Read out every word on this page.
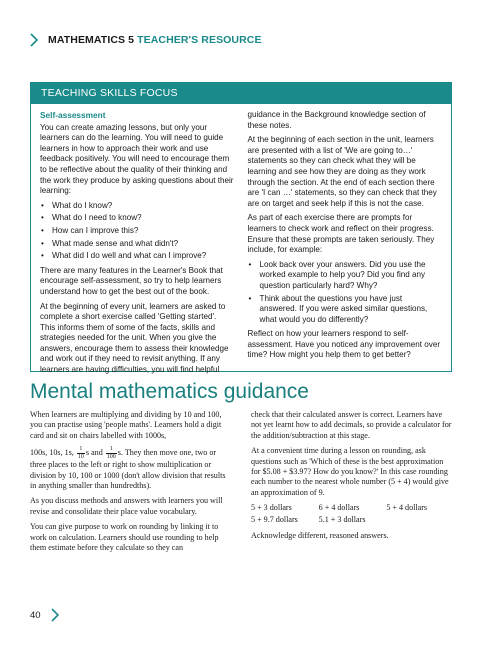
MATHEMATICS 5 TEACHER'S RESOURCE
TEACHING SKILLS FOCUS
Self-assessment

You can create amazing lessons, but only your learners can do the learning. You will need to guide learners in how to approach their work and use feedback positively. You will need to encourage them to be reflective about the quality of their thinking and the work they produce by asking questions about their learning:

• What do I know?
• What do I need to know?
• How can I improve this?
• What made sense and what didn't?
• What did I do well and what can I improve?

There are many features in the Learner's Book that encourage self-assessment, so try to help learners understand how to get the best out of the book.

At the beginning of every unit, learners are asked to complete a short exercise called 'Getting started'. This informs them of some of the facts, skills and strategies needed for the unit. When you give the answers, encourage them to assess their knowledge and work out if they need to revisit anything. If any learners are having difficulties, you will find helpful

guidance in the Background knowledge section of these notes.

At the beginning of each section in the unit, learners are presented with a list of 'We are going to…' statements so they can check what they will be learning and see how they are doing as they work through the section. At the end of each section there are 'I can …' statements, so they can check that they are on target and seek help if this is not the case.

As part of each exercise there are prompts for learners to check work and reflect on their progress. Ensure that these prompts are taken seriously. They include, for example:

• Look back over your answers. Did you use the worked example to help you? Did you find any question particularly hard? Why?
• Think about the questions you have just answered. If you were asked similar questions, what would you do differently?

Reflect on how your learners respond to self-assessment. Have you noticed any improvement over time? How might you help them to get better?

Mental mathematics guidance

When learners are multiplying and dividing by 10 and 100, you can practise using 'people maths'. Learners hold a digit card and sit on chairs labelled with 1000s,

100s, 10s, 1s, $\frac{1}{10}$ s and $\frac{1}{100} s$. They then move one, two or three places to the left or right to show multiplication or division by 10, 100 or 1000 (don't allow division that results in anything smaller than hundredths).

As you discuss methods and answers with learners you will revise and consolidate their place value vocabulary.

You can give purpose to work on rounding by linking it to work on calculation. Learners should use rounding to help them estimate before they calculate so they can

check that their calculated answer is correct. Learners have not yet learnt how to add decimals, so provide a calculator for the addition/subtraction at this stage.

At a convenient time during a lesson on rounding, ask questions such as 'Which of these is the best approximation for $5.08 + $3.97? How do you know?' In this case rounding each number to the nearest whole number (5 + 4) would give an approximation of 9.

5 + 3 dollars	6 + 4 dollars	5 + 4 dollars
5 + 9.7 dollars	5.1 + 3 dollars

Acknowledge different, reasoned answers.

40
